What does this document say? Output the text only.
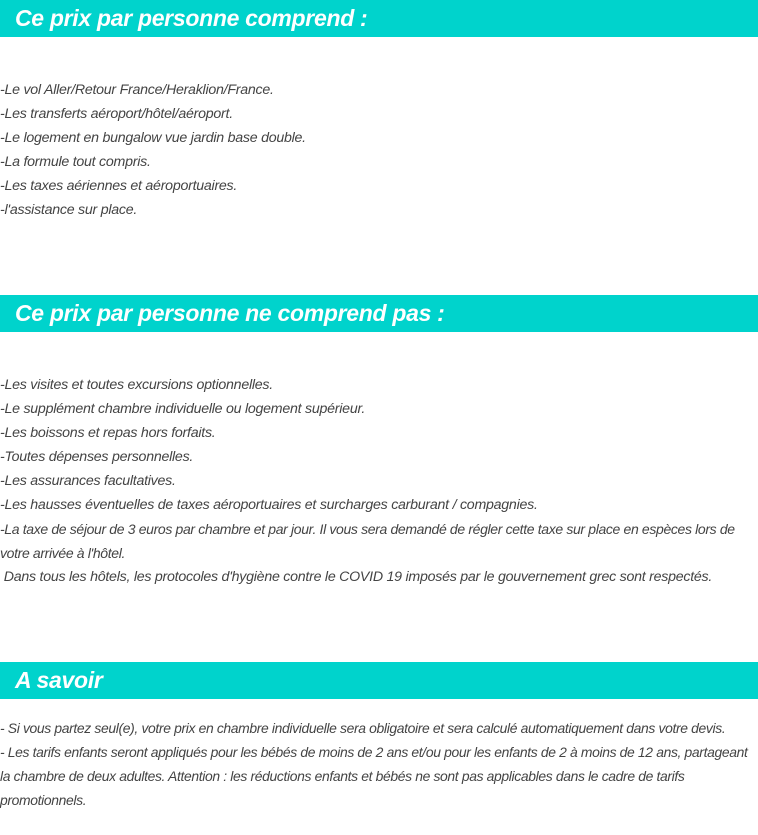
Ce prix par personne comprend :
-Le vol Aller/Retour France/Heraklion/France.
-Les transferts aéroport/hôtel/aéroport.
-Le logement en bungalow vue jardin base double.
-La formule tout compris.
-Les taxes aériennes et aéroportuaires.
-l'assistance sur place.
Ce prix par personne ne comprend pas :
-Les visites et toutes excursions optionnelles.
-Le supplément chambre individuelle ou logement supérieur.
-Les boissons et repas hors forfaits.
-Toutes dépenses personnelles.
-Les assurances facultatives.
-Les hausses éventuelles de taxes aéroportuaires et surcharges carburant / compagnies.
-La taxe de séjour de 3 euros par chambre et par jour. Il vous sera demandé de régler cette taxe sur place en espèces lors de votre arrivée à l'hôtel.
Dans tous les hôtels, les protocoles d'hygiène contre le COVID 19 imposés par le gouvernement grec sont respectés.
A savoir
- Si vous partez seul(e), votre prix en chambre individuelle sera obligatoire et sera calculé automatiquement dans votre devis.
- Les tarifs enfants seront appliqués pour les bébés de moins de 2 ans et/ou pour les enfants de 2 à moins de 12 ans, partageant la chambre de deux adultes. Attention : les réductions enfants et bébés ne sont pas applicables dans le cadre de tarifs promotionnels.
